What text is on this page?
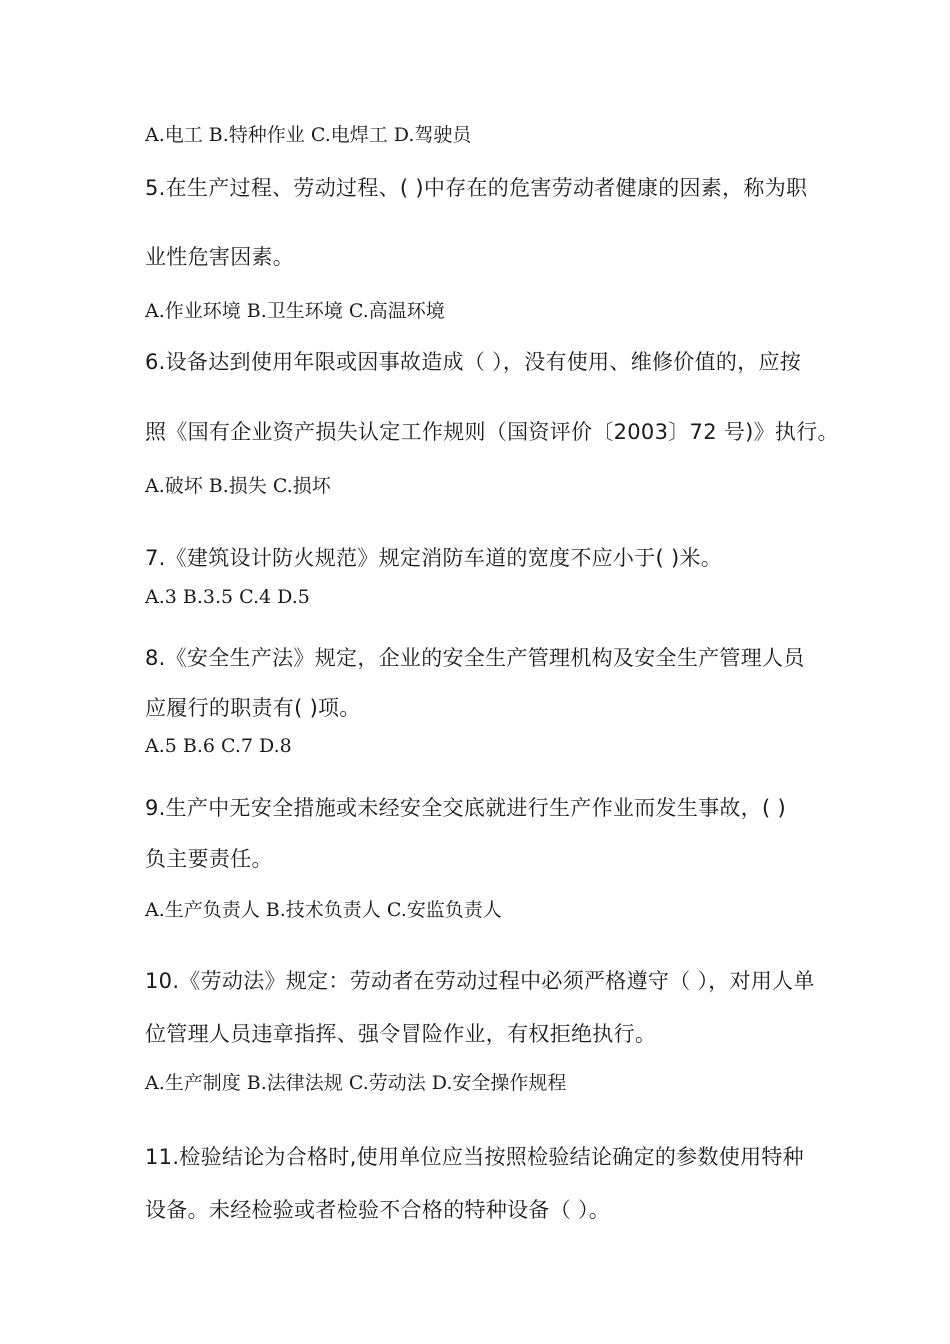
A.电工 B.特种作业 C.电焊工 D.驾驶员

5.在生产过程、劳动过程、( )中存在的危害劳动者健康的因素，称为职

业性危害因素。

A.作业环境 B.卫生环境 C.高温环境

6.设备达到使用年限或因事故造成（ ），没有使用、维修价值的，应按

照《国有企业资产损失认定工作规则（国资评价〔2003〕72 号)》执行。

A.破坏 B.损失 C.损坏

7.《建筑设计防火规范》规定消防车道的宽度不应小于( )米。

A.3 B.3.5 C.4 D.5

8.《安全生产法》规定，企业的安全生产管理机构及安全生产管理人员

应履行的职责有( )项。

A.5 B.6 C.7 D.8

9.生产中无安全措施或未经安全交底就进行生产作业而发生事故，( )

负主要责任。

A.生产负责人 B.技术负责人 C.安监负责人

10.《劳动法》规定：劳动者在劳动过程中必须严格遵守（ ），对用人单

位管理人员违章指挥、强令冒险作业，有权拒绝执行。

A.生产制度 B.法律法规 C.劳动法 D.安全操作规程

11.检验结论为合格时,使用单位应当按照检验结论确定的参数使用特种

设备。未经检验或者检验不合格的特种设备（ ）。
